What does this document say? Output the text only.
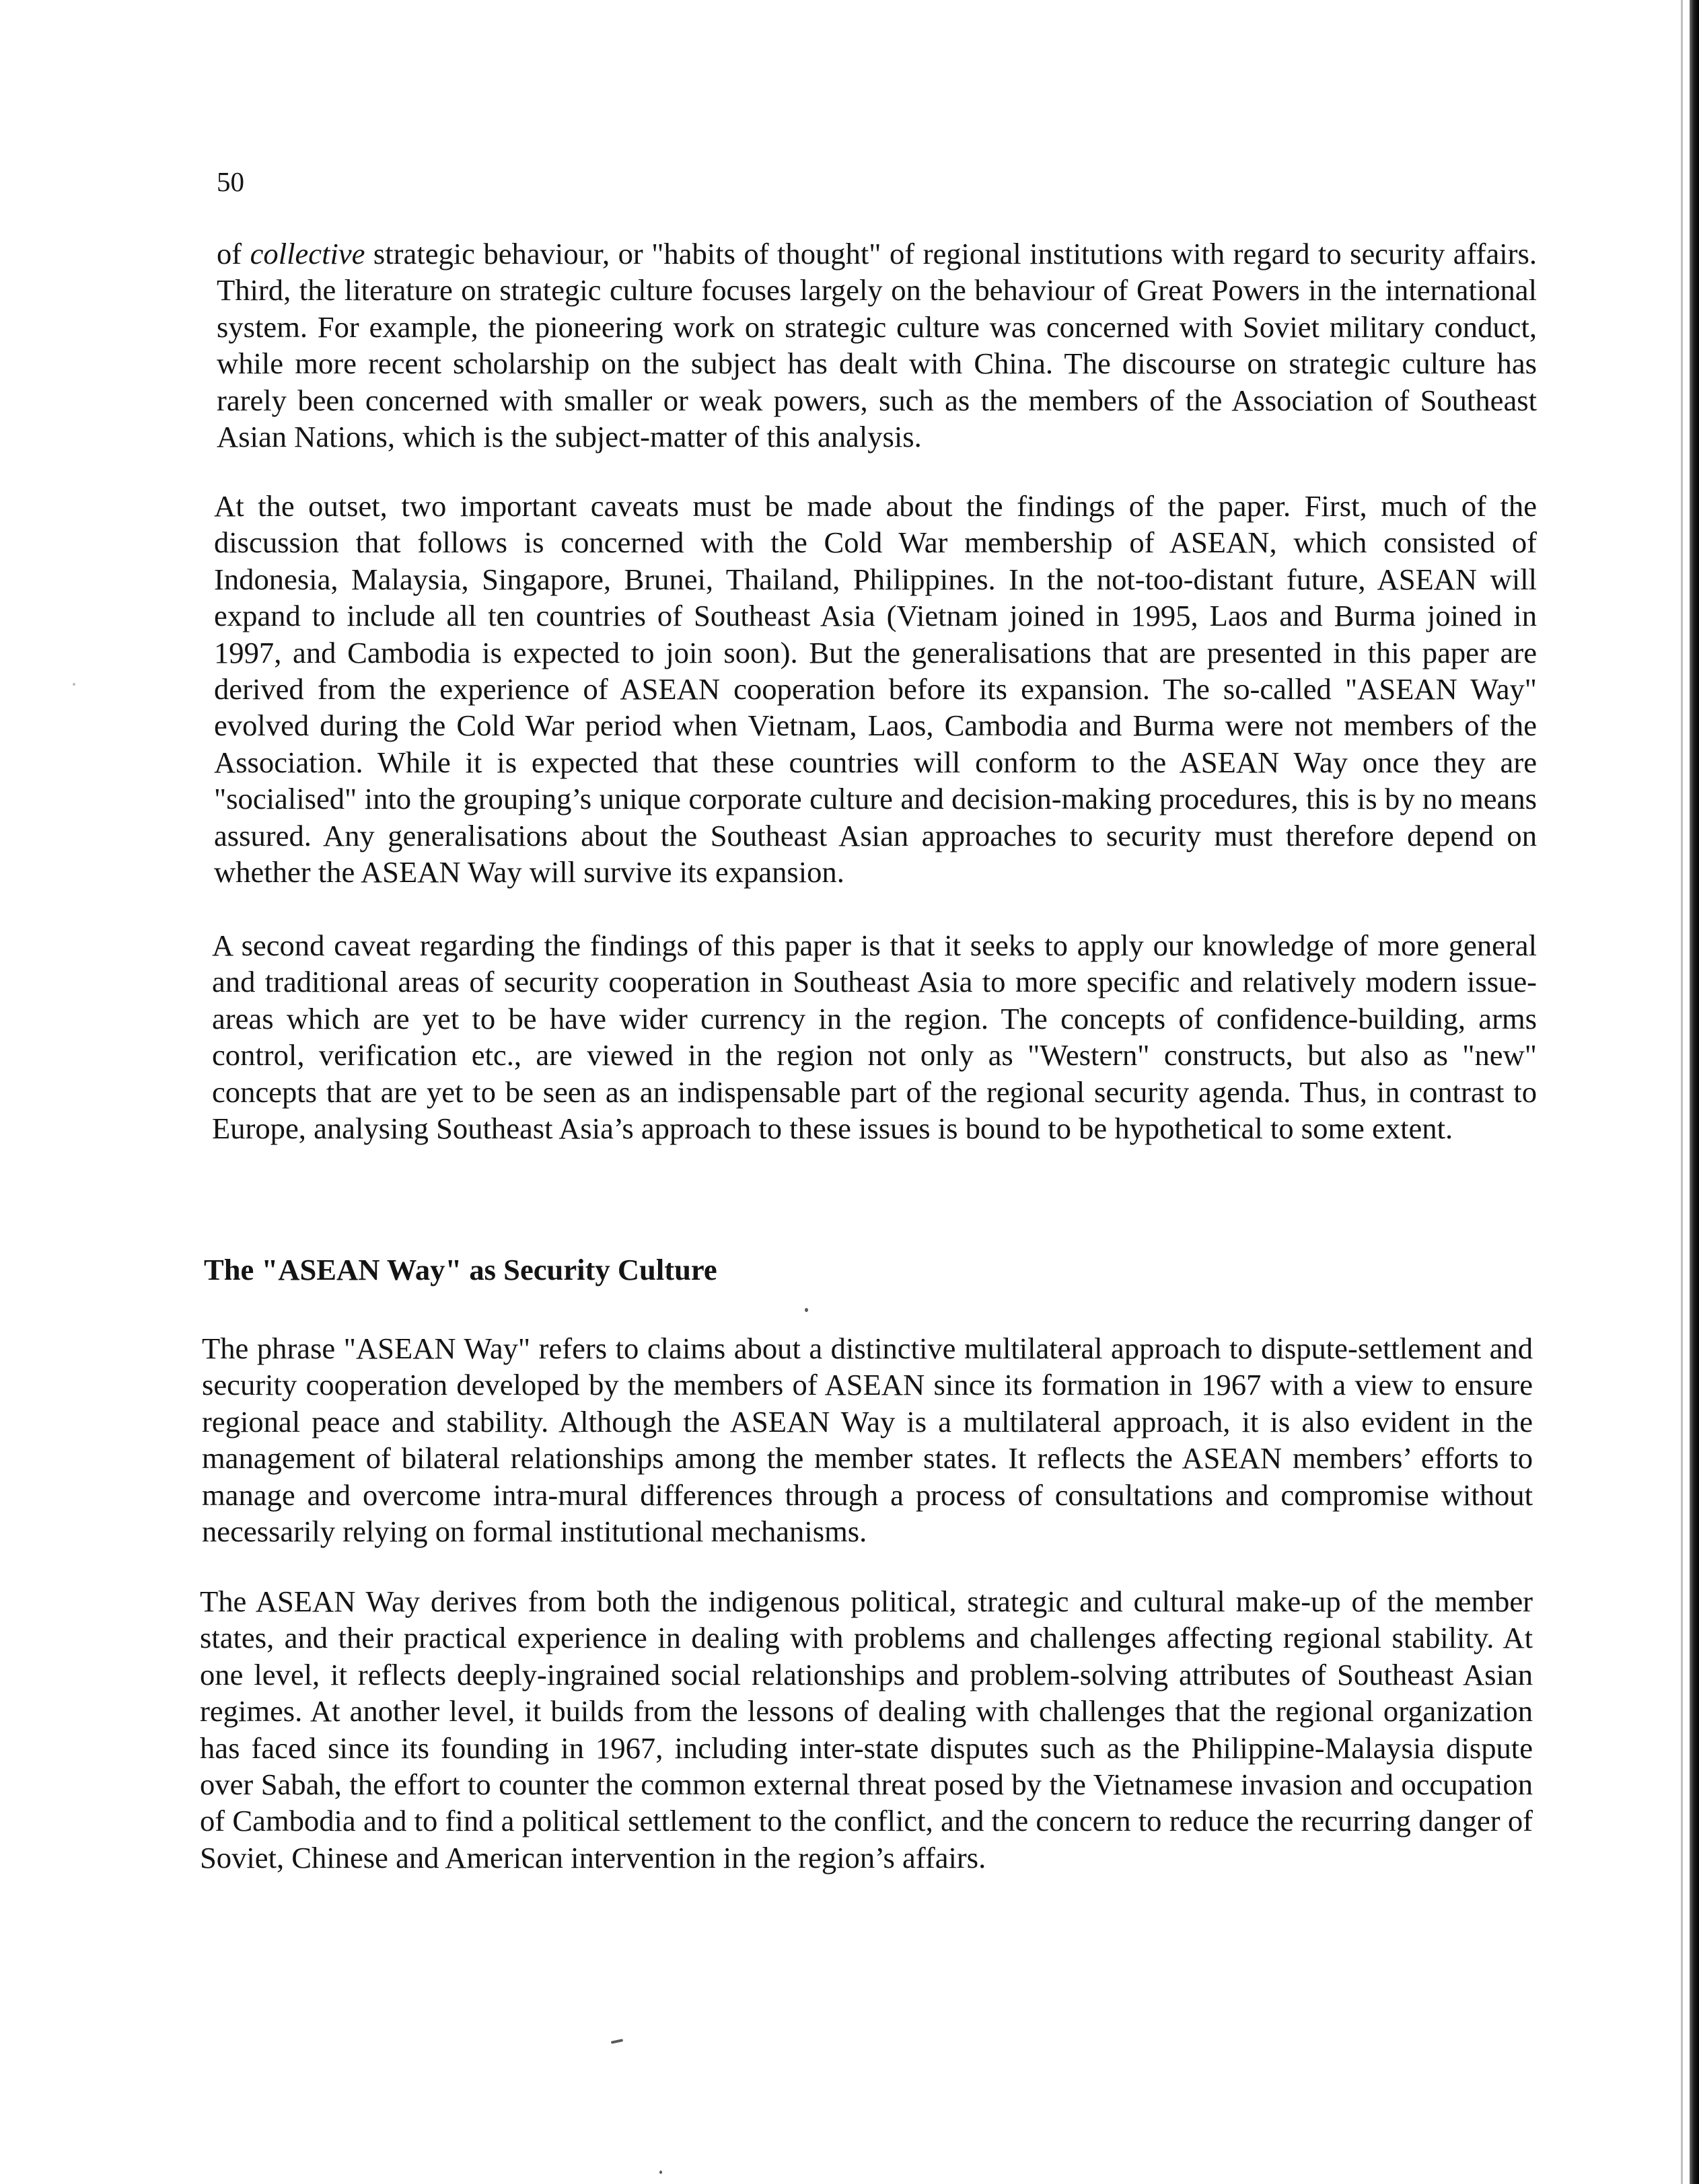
50

of collective strategic behaviour, or "habits of thought" of regional institutions with regard to security affairs. Third, the literature on strategic culture focuses largely on the behaviour of Great Powers in the international system. For example, the pioneering work on strategic culture was concerned with Soviet military conduct, while more recent scholarship on the subject has dealt with China. The discourse on strategic culture has rarely been concerned with smaller or weak powers, such as the members of the Association of Southeast Asian Nations, which is the subject-matter of this analysis.

At the outset, two important caveats must be made about the findings of the paper. First, much of the discussion that follows is concerned with the Cold War membership of ASEAN, which consisted of Indonesia, Malaysia, Singapore, Brunei, Thailand, Philippines. In the not-too-distant future, ASEAN will expand to include all ten countries of Southeast Asia (Vietnam joined in 1995, Laos and Burma joined in 1997, and Cambodia is expected to join soon). But the generalisations that are presented in this paper are derived from the experience of ASEAN cooperation before its expansion. The so-called "ASEAN Way" evolved during the Cold War period when Vietnam, Laos, Cambodia and Burma were not members of the Association. While it is expected that these countries will conform to the ASEAN Way once they are "socialised" into the grouping’s unique corporate culture and decision-making procedures, this is by no means assured. Any generalisations about the Southeast Asian approaches to security must therefore depend on whether the ASEAN Way will survive its expansion.

A second caveat regarding the findings of this paper is that it seeks to apply our knowledge of more general and traditional areas of security cooperation in Southeast Asia to more specific and relatively modern issue-areas which are yet to be have wider currency in the region. The concepts of confidence-building, arms control, verification etc., are viewed in the region not only as "Western" constructs, but also as "new" concepts that are yet to be seen as an indispensable part of the regional security agenda. Thus, in contrast to Europe, analysing Southeast Asia’s approach to these issues is bound to be hypothetical to some extent.

The "ASEAN Way" as Security Culture

The phrase "ASEAN Way" refers to claims about a distinctive multilateral approach to dispute-settlement and security cooperation developed by the members of ASEAN since its formation in 1967 with a view to ensure regional peace and stability. Although the ASEAN Way is a multilateral approach, it is also evident in the management of bilateral relationships among the member states. It reflects the ASEAN members’ efforts to manage and overcome intra-mural differences through a process of consultations and compromise without necessarily relying on formal institutional mechanisms.

The ASEAN Way derives from both the indigenous political, strategic and cultural make-up of the member states, and their practical experience in dealing with problems and challenges affecting regional stability. At one level, it reflects deeply-ingrained social relationships and problem-solving attributes of Southeast Asian regimes. At another level, it builds from the lessons of dealing with challenges that the regional organization has faced since its founding in 1967, including inter-state disputes such as the Philippine-Malaysia dispute over Sabah, the effort to counter the common external threat posed by the Vietnamese invasion and occupation of Cambodia and to find a political settlement to the conflict, and the concern to reduce the recurring danger of Soviet, Chinese and American intervention in the region’s affairs.
